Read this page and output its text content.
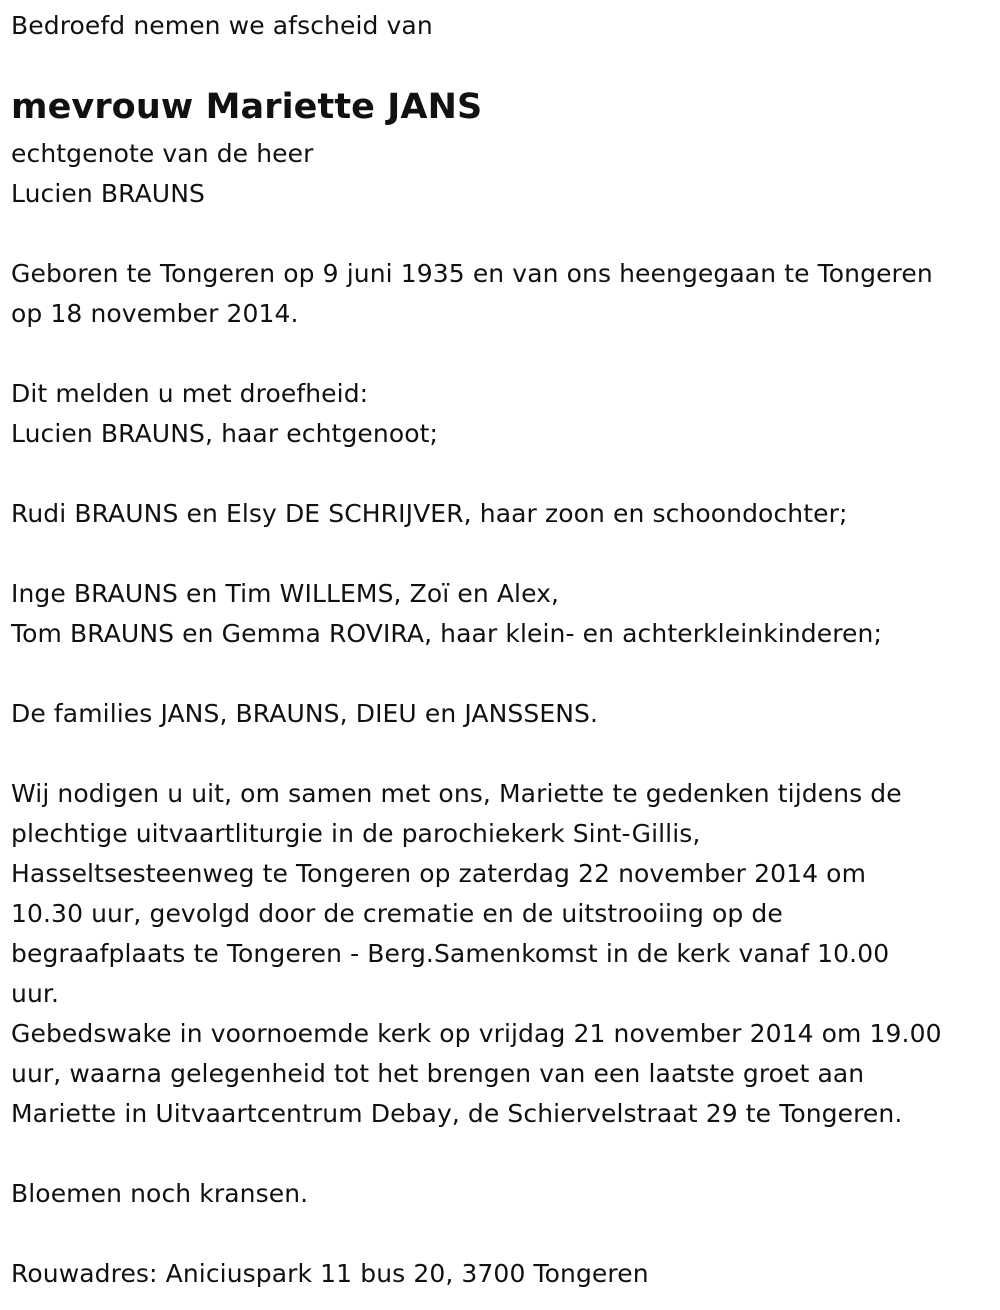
Bedroefd nemen we afscheid van
mevrouw Mariette JANS
echtgenote van de heer
Lucien BRAUNS
Geboren te Tongeren op 9 juni 1935 en van ons heengegaan te Tongeren
op 18 november 2014.
Dit melden u met droefheid:
Lucien BRAUNS, haar echtgenoot;
Rudi BRAUNS en Elsy DE SCHRIJVER, haar zoon en schoondochter;
Inge BRAUNS en Tim WILLEMS, Zoï en Alex,
Tom BRAUNS en Gemma ROVIRA, haar klein- en achterkleinkinderen;
De families JANS, BRAUNS, DIEU en JANSSENS.
Wij nodigen u uit, om samen met ons, Mariette te gedenken tijdens de
plechtige uitvaartliturgie in de parochiekerk Sint-Gillis,
Hasseltsesteenweg te Tongeren op zaterdag 22 november 2014 om
10.30 uur, gevolgd door de crematie en de uitstrooiing op de
begraafplaats te Tongeren - Berg.Samenkomst in de kerk vanaf 10.00
uur.
Gebedswake in voornoemde kerk op vrijdag 21 november 2014 om 19.00
uur, waarna gelegenheid tot het brengen van een laatste groet aan
Mariette in Uitvaartcentrum Debay, de Schiervelstraat 29 te Tongeren.
Bloemen noch kransen.
Rouwadres: Aniciuspark 11 bus 20, 3700 Tongeren
